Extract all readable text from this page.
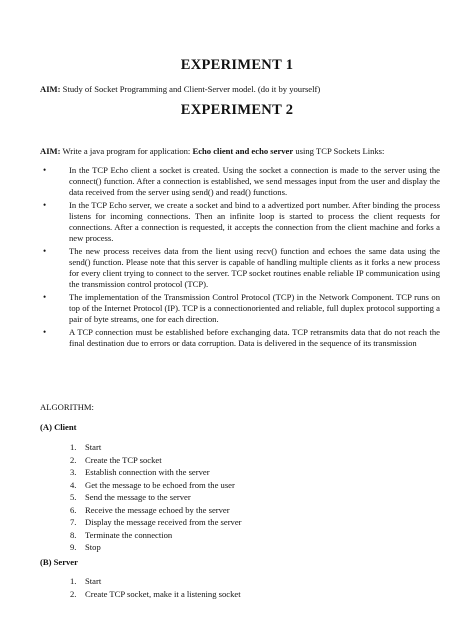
EXPERIMENT 1
AIM: Study of Socket Programming and Client-Server model. (do it by yourself)
EXPERIMENT 2
AIM: Write a java program for application: Echo client and echo server using TCP Sockets Links:
•	In the TCP Echo client a socket is created. Using the socket a connection is made to the server using the connect() function. After a connection is established, we send messages input from the user and display the data received from the server using send() and read() functions.
•	In the TCP Echo server, we create a socket and bind to a advertized port number. After binding the process listens for incoming connections. Then an infinite loop is started to process the client requests for connections. After a connection is requested, it accepts the connection from the client machine and forks a new process.
•	The new process receives data from the lient using recv() function and echoes the same data using the send() function. Please note that this server is capable of handling multiple clients as it forks a new process for every client trying to connect to the server. TCP socket routines enable reliable IP communication using the transmission control protocol (TCP).
•	The implementation of the Transmission Control Protocol (TCP) in the Network Component. TCP runs on top of the Internet Protocol (IP). TCP is a connectionoriented and reliable, full duplex protocol supporting a pair of byte streams, one for each direction.
•	A TCP connection must be established before exchanging data. TCP retransmits data that do not reach the final destination due to errors or data corruption. Data is delivered in the sequence of its transmission
ALGORITHM:
(A) Client
1. Start
2. Create the TCP socket
3. Establish connection with the server
4. Get the message to be echoed from the user
5. Send the message to the server
6. Receive the message echoed by the server
7. Display the message received from the server
8. Terminate the connection
9. Stop
(B) Server
1. Start
2. Create TCP socket, make it a listening socket
